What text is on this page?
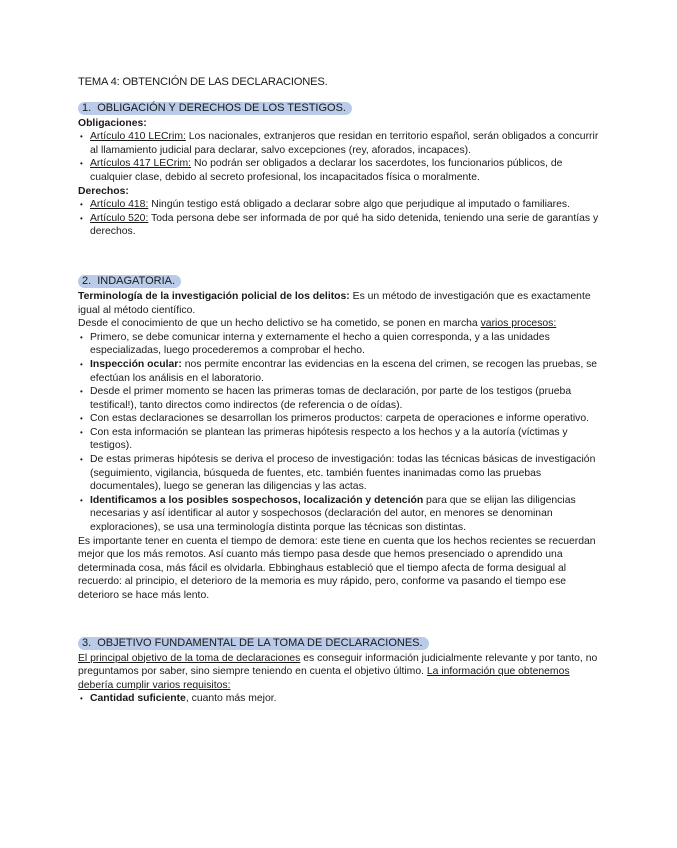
TEMA 4: OBTENCIÓN DE LAS DECLARACIONES.

1. OBLIGACIÓN Y DERECHOS DE LOS TESTIGOS.

Obligaciones:

• Artículo 410 LECrim: Los nacionales, extranjeros que residan en territorio español, serán obligados a concurrir al llamamiento judicial para declarar, salvo excepciones (rey, aforados, incapaces).
• Artículos 417 LECrim: No podrán ser obligados a declarar los sacerdotes, los funcionarios públicos, de cualquier clase, debido al secreto profesional, los incapacitados física o moralmente.

Derechos:

• Artículo 418: Ningún testigo está obligado a declarar sobre algo que perjudique al imputado o familiares.
• Artículo 520: Toda persona debe ser informada de por qué ha sido detenida, teniendo una serie de garantías y derechos.
2. INDAGATORIA.

Terminología de la investigación policial de los delitos: Es un método de investigación que es exactamente igual al método científico.

Desde el conocimiento de que un hecho delictivo se ha cometido, se ponen en marcha varios procesos:

• Primero, se debe comunicar interna y externamente el hecho a quien corresponda, y a las unidades especializadas, luego procederemos a comprobar el hecho.
• Inspección ocular: nos permite encontrar las evidencias en la escena del crimen, se recogen las pruebas, se efectúan los análisis en el laboratorio.
• Desde el primer momento se hacen las primeras tomas de declaración, por parte de los testigos (prueba testifical!), tanto directos como indirectos (de referencia o de oídas).
• Con estas declaraciones se desarrollan los primeros productos: carpeta de operaciones e informe operativo.
• Con esta información se plantean las primeras hipótesis respecto a los hechos y a la autoría (víctimas y testigos).
• De estas primeras hipótesis se deriva el proceso de investigación: todas las técnicas básicas de investigación (seguimiento, vigilancia, búsqueda de fuentes, etc. también fuentes inanimadas como las pruebas documentales), luego se generan las diligencias y las actas.
• Identificamos a los posibles sospechosos, localización y detención para que se elijan las diligencias necesarias y así identificar al autor y sospechosos (declaración del autor, en menores se denominan exploraciones), se usa una terminología distinta porque las técnicas son distintas.

Es importante tener en cuenta el tiempo de demora: este tiene en cuenta que los hechos recientes se recuerdan mejor que los más remotos. Así cuanto más tiempo pasa desde que hemos presenciado o aprendido una determinada cosa, más fácil es olvidarla. Ebbinghaus estableció que el tiempo afecta de forma desigual al recuerdo: al principio, el deterioro de la memoria es muy rápido, pero, conforme va pasando el tiempo ese deterioro se hace más lento.

3. OBJETIVO FUNDAMENTAL DE LA TOMA DE DECLARACIONES.

El principal objetivo de la toma de declaraciones es conseguir información judicialmente relevante y por tanto, no preguntamos por saber, sino siempre teniendo en cuenta el objetivo último. La información que obtenemos debería cumplir varios requisitos:

• Cantidad suficiente, cuanto más mejor.
